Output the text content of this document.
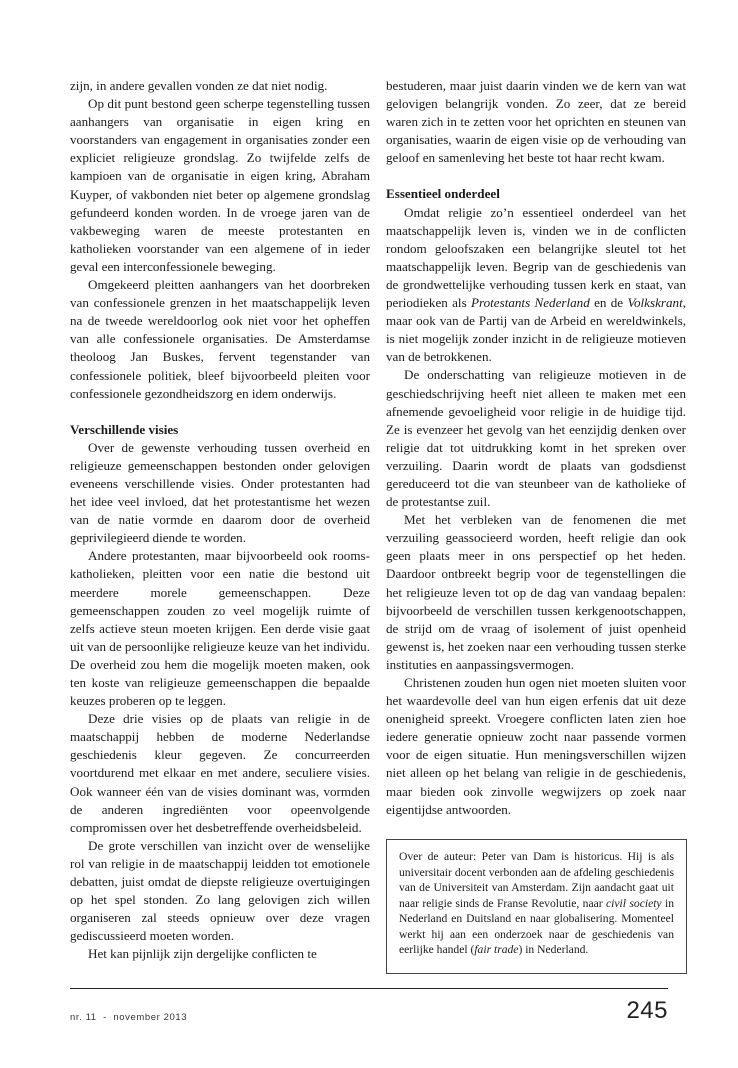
zijn, in andere gevallen vonden ze dat niet nodig.

Op dit punt bestond geen scherpe tegenstelling tussen aanhangers van organisatie in eigen kring en voorstanders van engagement in organisaties zonder een expliciet religieuze grondslag. Zo twijfelde zelfs de kampioen van de organisatie in eigen kring, Abraham Kuyper, of vakbonden niet beter op algemene grondslag gefundeerd konden worden. In de vroege jaren van de vakbeweging waren de meeste protestanten en katholieken voorstander van een algemene of in ieder geval een interconfessionele beweging.

Omgekeerd pleitten aanhangers van het doorbreken van confessionele grenzen in het maatschappelijk leven na de tweede wereldoorlog ook niet voor het opheffen van alle confessionele organisaties. De Amsterdamse theoloog Jan Buskes, fervent tegenstander van confessionele politiek, bleef bijvoorbeeld pleiten voor confessionele gezondheidszorg en idem onderwijs.

Verschillende visies

Over de gewenste verhouding tussen overheid en religieuze gemeenschappen bestonden onder gelovigen eveneens verschillende visies. Onder protestanten had het idee veel invloed, dat het protestantisme het wezen van de natie vormde en daarom door de overheid geprivilegieerd diende te worden.

Andere protestanten, maar bijvoorbeeld ook rooms-katholieken, pleitten voor een natie die bestond uit meerdere morele gemeenschappen. Deze gemeenschappen zouden zo veel mogelijk ruimte of zelfs actieve steun moeten krijgen. Een derde visie gaat uit van de persoonlijke religieuze keuze van het individu. De overheid zou hem die mogelijk moeten maken, ook ten koste van religieuze gemeenschappen die bepaalde keuzes proberen op te leggen.

Deze drie visies op de plaats van religie in de maatschappij hebben de moderne Nederlandse geschiedenis kleur gegeven. Ze concurreerden voortdurend met elkaar en met andere, seculiere visies. Ook wanneer één van de visies dominant was, vormden de anderen ingrediënten voor opeenvolgende compromissen over het desbetreffende overheidsbeleid.

De grote verschillen van inzicht over de wenselijke rol van religie in de maatschappij leidden tot emotionele debatten, juist omdat de diepste religieuze overtuigingen op het spel stonden. Zo lang gelovigen zich willen organiseren zal steeds opnieuw over deze vragen gediscussieerd moeten worden.

Het kan pijnlijk zijn dergelijke conflicten te

bestuderen, maar juist daarin vinden we de kern van wat gelovigen belangrijk vonden. Zo zeer, dat ze bereid waren zich in te zetten voor het oprichten en steunen van organisaties, waarin de eigen visie op de verhouding van geloof en samenleving het beste tot haar recht kwam.

Essentieel onderdeel

Omdat religie zo’n essentieel onderdeel van het maatschappelijk leven is, vinden we in de conflicten rondom geloofszaken een belangrijke sleutel tot het maatschappelijk leven. Begrip van de geschiedenis van de grondwettelijke verhouding tussen kerk en staat, van periodieken als Protestants Nederland en de Volkskrant, maar ook van de Partij van de Arbeid en wereldwinkels, is niet mogelijk zonder inzicht in de religieuze motieven van de betrokkenen.

De onderschatting van religieuze motieven in de geschiedschrijving heeft niet alleen te maken met een afnemende gevoeligheid voor religie in de huidige tijd. Ze is evenzeer het gevolg van het eenzijdig denken over religie dat tot uitdrukking komt in het spreken over verzuiling. Daarin wordt de plaats van godsdienst gereduceerd tot die van steunbeer van de katholieke of de protestantse zuil.

Met het verbleken van de fenomenen die met verzuiling geassocieerd worden, heeft religie dan ook geen plaats meer in ons perspectief op het heden. Daardoor ontbreekt begrip voor de tegenstellingen die het religieuze leven tot op de dag van vandaag bepalen: bijvoorbeeld de verschillen tussen kerkgenootschappen, de strijd om de vraag of isolement of juist openheid gewenst is, het zoeken naar een verhouding tussen sterke instituties en aanpassingsvermogen.

Christenen zouden hun ogen niet moeten sluiten voor het waardevolle deel van hun eigen erfenis dat uit deze onenigheid spreekt. Vroegere conflicten laten zien hoe iedere generatie opnieuw zocht naar passende vormen voor de eigen situatie. Hun meningsverschillen wijzen niet alleen op het belang van religie in de geschiedenis, maar bieden ook zinvolle wegwijzers op zoek naar eigentijdse antwoorden.

Over de auteur: Peter van Dam is historicus. Hij is als universitair docent verbonden aan de afdeling geschiedenis van de Universiteit van Amsterdam. Zijn aandacht gaat uit naar religie sinds de Franse Revolutie, naar civil society in Nederland en Duitsland en naar globalisering. Momenteel werkt hij aan een onderzoek naar de geschiedenis van eerlijke handel (fair trade) in Nederland.
nr. 11  -  november 2013	245
